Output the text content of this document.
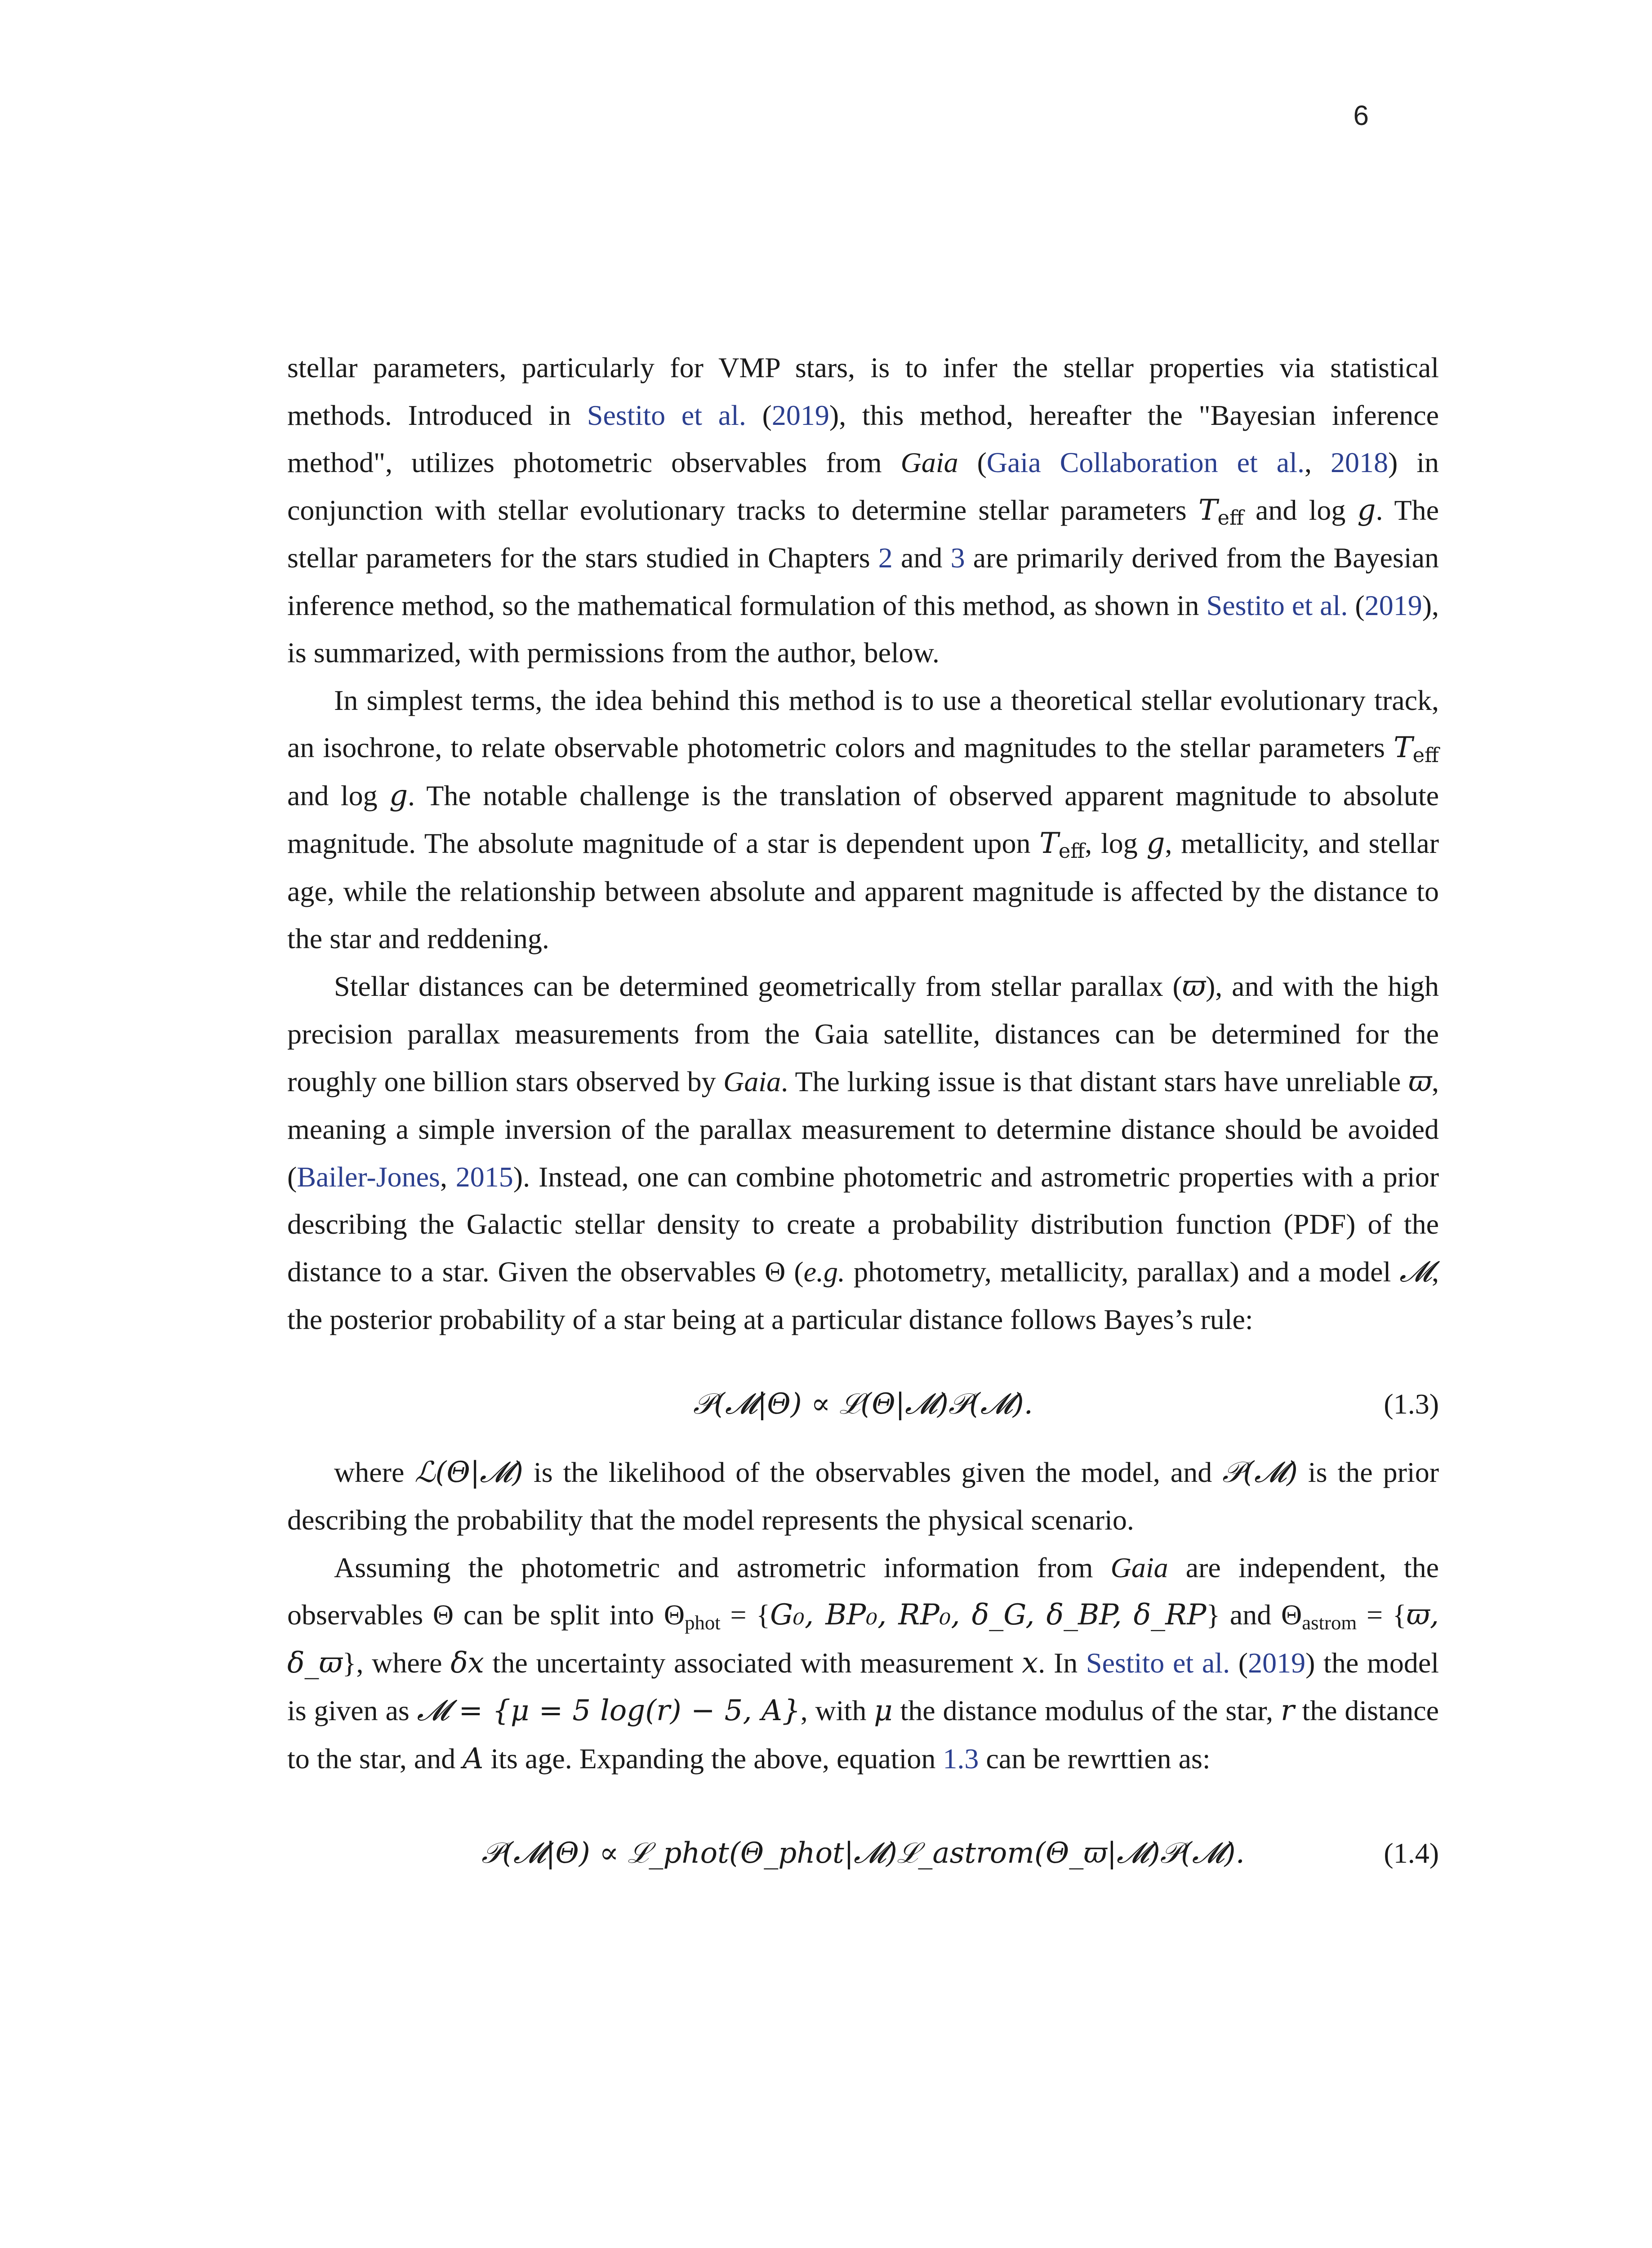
6

stellar parameters, particularly for VMP stars, is to infer the stellar properties via statistical methods. Introduced in Sestito et al. (2019), this method, hereafter the "Bayesian inference method", utilizes photometric observables from Gaia (Gaia Collaboration et al., 2018) in conjunction with stellar evolutionary tracks to determine stellar parameters $T_{eff}$ and log g. The stellar parameters for the stars studied in Chapters 2 and 3 are primarily derived from the Bayesian inference method, so the mathematical formulation of this method, as shown in Sestito et al. (2019), is summarized, with permissions from the author, below.

In simplest terms, the idea behind this method is to use a theoretical stellar evolutionary track, an isochrone, to relate observable photometric colors and magnitudes to the stellar parameters $T_{eff}$ and log g. The notable challenge is the translation of observed apparent magnitude to absolute magnitude. The absolute magnitude of a star is dependent upon $T_{eff}$, log g, metallicity, and stellar age, while the relationship between absolute and apparent magnitude is affected by the distance to the star and reddening.

Stellar distances can be determined geometrically from stellar parallax (ϖ), and with the high precision parallax measurements from the Gaia satellite, distances can be determined for the roughly one billion stars observed by Gaia. The lurking issue is that distant stars have unreliable ϖ, meaning a simple inversion of the parallax measurement to determine distance should be avoided (Bailer-Jones, 2015). Instead, one can combine photometric and astrometric properties with a prior describing the Galactic stellar density to create a probability distribution function (PDF) of the distance to a star. Given the observables Θ (e.g. photometry, metallicity, parallax) and a model 𝓜, the posterior probability of a star being at a particular distance follows Bayes’s rule:

𝒫(𝓜|Θ) ∝ ℒ(Θ|𝓜)𝒫(𝓜).	(1.3)

where ℒ(Θ|𝓜) is the likelihood of the observables given the model, and 𝒫(𝓜) is the prior describing the probability that the model represents the physical scenario.

Assuming the photometric and astrometric information from Gaia are independent, the observables Θ can be split into $\Theta_{phot} = \{G_0$, BP₀, RP₀, δ_G, δ_BP, δ_RP} and $\Theta_{astrom} = \{ϖ$, δ_ϖ}, where δx the uncertainty associated with measurement x. In Sestito et al. (2019) the model is given as 𝓜 = {μ = 5 log(r) − 5, A}, with μ the distance modulus of the star, r the distance to the star, and A its age. Expanding the above, equation 1.3 can be rewrttien as:

𝒫(𝓜|Θ) ∝ ℒ_phot(Θ_phot|𝓜)ℒ_astrom(Θ_ϖ|𝓜)𝒫(𝓜).	(1.4)
